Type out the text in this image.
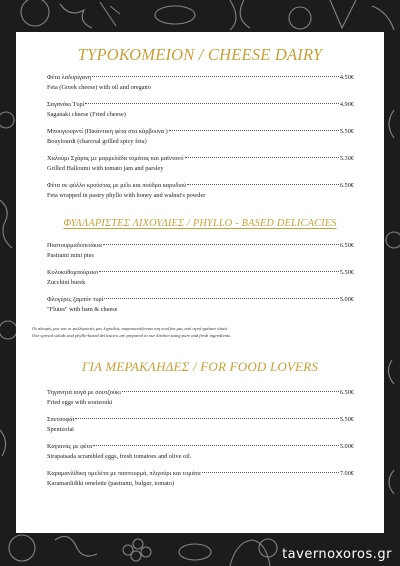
ΤΥΡΟΚΟΜΕΙΟΝ / CHEESE DAIRY
Φέτα λαδορίγανη	4.50€
Feta (Greek cheese) with oil and oregano
Σαγανάκι Τυρί	4.90€
Saganaki cheese (Fried cheese)
Μπουγιουρντί (Πικάντικη φέτα στα κάρβουνα )	5.50€
Bouyiourdi (charcoal grilled spicy feta)
Χαλούμι Σχάρας με μαρμελάδα τομάτας και μαϊντανό	5.30€
Grilled Halloumi with tomato jam and parsley
Φέτα σε φύλλο κρούστας με μέλι και πούδρα καρυδιού	6.50€
Feta wrapped in pastry phyllo with honey and walnut's powder
ΦΥΛΛΑΡΙΣΤΕΣ ΛΙΧΟΥΔΙΕΣ / PHYLLO - BASED DELICACIES
Παστουρμαδοπιτάκια	6.50€
Pastrami mini pies
Κολοκυθομπούρεκο	5.50€
Zucchini burek
Φλογέρες ζαμπόν τυρί	5.00€
"Flutes" with ham & cheese

Οι αλοιφές μας και οι φυλλαριστές μας λιχουδιές παρασκευάζονται στη κουζίνα μας από αγνά φρέσκα υλικά.
Our spread salads and phyllo-based delicacies are prepared in our kitchen using pure and fresh ingredients.

ΓΙΑ ΜΕΡΑΚΛΗΔΕΣ / FOR FOOD LOVERS
Τηγανητά αυγά με σουτζούκι	6.50€
Fried eggs with soutzouki
Σπετσοφάι	5.50€
Spentzofai
Καγιανάς με φέτα	5.00€
Strapatsada scrambled eggs, fresh tomatoes and olive oil.
Καραμανλίδικη ομελέτα με παστουρμά, πλιγούρι και τομάτα	7.00€
Karamanlidiki omelette (pastrami, bulgur, tomato)
tavernoxoros.gr
